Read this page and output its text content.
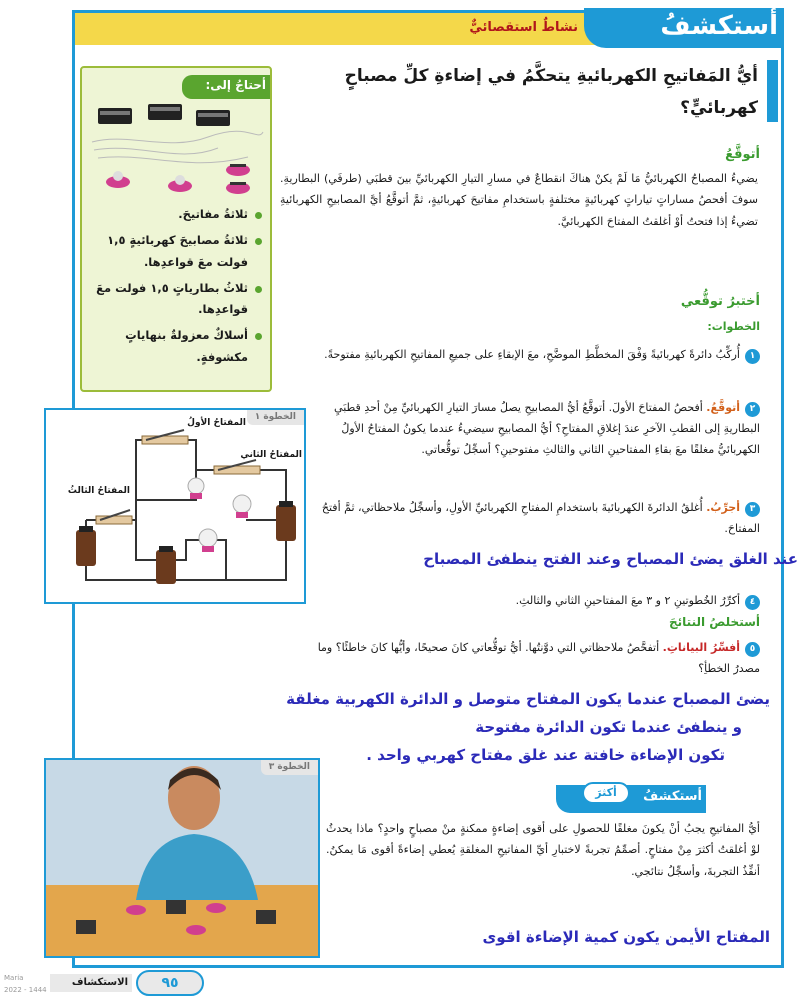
نشاطٌ استقصائيٌّ	أستكشفُ
أيُّ المَفاتيحِ الكهربائيةِ يتحكَّمُ في إضاءةِ كلِّ مصباحٍ كهربائيٍّ؟
أحتاجُ إلى:
ثلاثةُ مفاتيحَ.
ثلاثةُ مصابيحَ كهربائيةٍ ١,٥ فولت معَ قواعدِها.
ثلاثُ بطارياتٍ ١,٥ فولت معَ قواعدِها.
أسلاكٌ معزولةٌ بنهاياتٍ مكشوفةٍ.
أتوقَّعُ
يضيءُ المصباحُ الكهربائيُّ مَا لَمْ يكنْ هناكَ انقطاعٌ في مسارِ التيارِ الكهربائيِّ بينَ قطبَي (طرفَي) البطاريةِ. سوفَ أفحصُ مساراتٍ تياراتٍ كهربائيةٍ مختلفةٍ باستخدامِ مفاتيحَ كهربائيةٍ، ثمَّ أتوقَّعُ أيَّ المصابيحِ الكهربائيةِ تضيءُ إذا فتحتُ أوْ أغلقتُ المفتاحَ الكهربائيَّ.
أختبرُ توقُّعي
الخطوات:
١أُركِّبُ دائرةً كهربائيةً وَفْقَ المخطَّطِ الموضَّحِ، معَ الإبقاءِ على جميعِ المفاتيحِ الكهربائيةِ مفتوحةً.
٢أتوقَّعُ. أفحصُ المفتاحَ الأولَ. أتوقَّعُ أيُّ المصابيحِ يصلُ مسارَ التيارِ الكهربائيِّ مِنْ أحدِ قطبَيِ البطاريةِ إلى القطبِ الآخرِ عندَ إغلاقِ المفتاحِ؟ أيُّ المصابيحِ سيضيءُ عندما يكونُ المفتاحُ الأولُ الكهربائيُّ مغلقًا معَ بقاءِ المفتاحينِ الثاني والثالثِ مفتوحينِ؟ أسجِّلُ توقُّعاتي.
٣أجرِّبُ. أُغلقُ الدائرةَ الكهربائيةَ باستخدامِ المفتاحِ الكهربائيِّ الأولِ، وأسجِّلُ ملاحظاتي، ثمَّ أفتحُ المفتاحَ.
عند الغلق يضئ المصباح وعند الفتح ينطفئ المصباح
٤أكرِّرُ الخُطوتينِ ٢ و ٣ معَ المفتاحينِ الثاني والثالثِ.
أستخلصُ النتائجَ
٥أفسِّرُ البياناتِ. أتفحَّصُ ملاحظاتي التي دوَّنتُها. أيُّ توقُّعاتي كانَ صحيحًا، وأيُّها كانَ خاطئًا؟ وما مصدرُ الخطأِ؟
يضئ المصباح عندما يكون المفتاح متوصل و الدائرة الكهربية مغلقة
و ينطفئ عندما تكون الدائرة مفتوحة
تكون الإضاءة خافتة عند غلق مفتاح كهربي واحد .
الخطوة ١
المفتاحُ الأولُ
المفتاحُ الثاني
المفتاحُ الثالثُ
الخطوة ٣
أستكشفُ
أكثرَ
أيُّ المفاتيحِ يجبُ أنْ يكونَ مغلقًا للحصولِ على أقوى إضاءةٍ ممكنةٍ منْ مصباحٍ واحدٍ؟ ماذا يحدثُ لوْ أغلقتُ أكثرَ مِنْ مفتاحٍ. أصمِّمُ تجربةً لاختبارِ أيِّ المفاتيحِ المغلقةِ يُعطي إضاءةً أقوى مَا يمكنُ. أنفِّذُ التجربةَ، وأسجِّلُ نتائجي.
المفتاح الأيمن يكون كمية الإضاءة اقوى
٩٥
الاستكشاف
Maria
2022 - 1444
